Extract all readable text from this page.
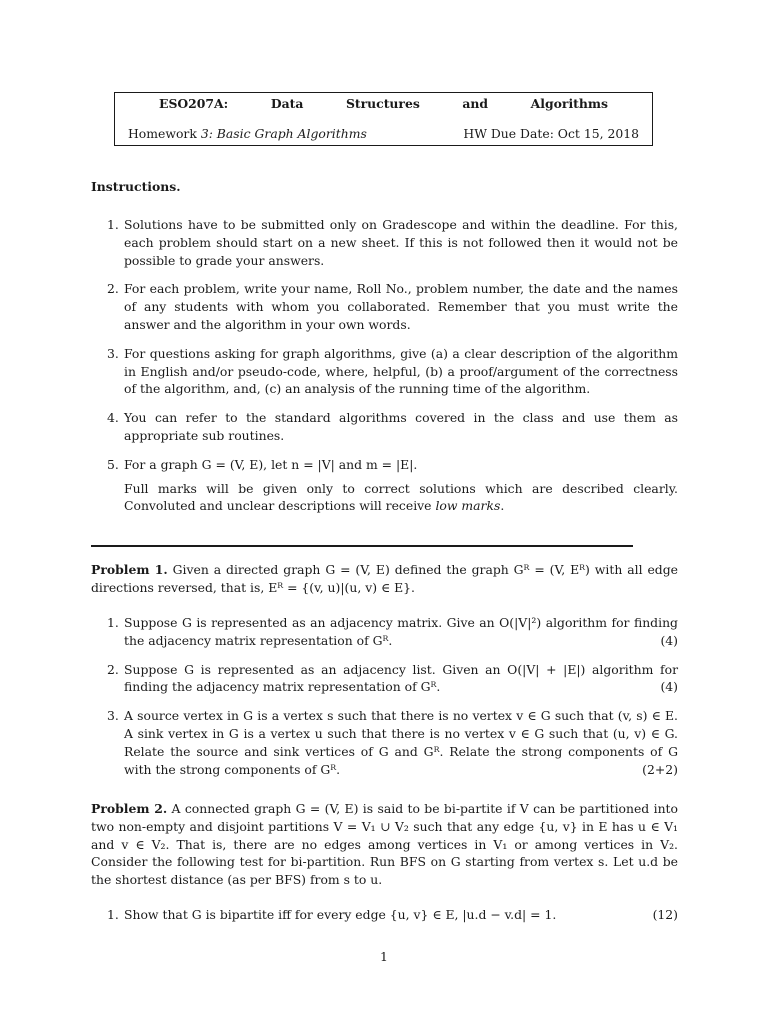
ESO207A:	Data	Structures	and	Algorithms
Homework 3: Basic Graph Algorithms	HW Due Date: Oct 15, 2018
Instructions.
1. Solutions have to be submitted only on Gradescope and within the deadline. For this, each problem should start on a new sheet. If this is not followed then it would not be possible to grade your answers.
2. For each problem, write your name, Roll No., problem number, the date and the names of any students with whom you collaborated. Remember that you must write the answer and the algorithm in your own words.
3. For questions asking for graph algorithms, give (a) a clear description of the algorithm in English and/or pseudo-code, where, helpful, (b) a proof/argument of the correctness of the algorithm, and, (c) an analysis of the running time of the algorithm.
4. You can refer to the standard algorithms covered in the class and use them as appropriate sub routines.
5. For a graph G = (V, E), let n = |V| and m = |E|.
Full marks will be given only to correct solutions which are described clearly. Convoluted and unclear descriptions will receive low marks.
Problem 1. Given a directed graph G = (V, E) defined the graph Gᴿ = (V, Eᴿ) with all edge directions reversed, that is, Eᴿ = {(v, u)|(u, v) ∈ E}.
1. Suppose G is represented as an adjacency matrix. Give an O(|V|²) algorithm for finding the adjacency matrix representation of Gᴿ.	(4)
2. Suppose G is represented as an adjacency list. Given an O(|V| + |E|) algorithm for finding the adjacency matrix representation of Gᴿ.	(4)
3. A source vertex in G is a vertex s such that there is no vertex v ∈ G such that (v, s) ∈ E. A sink vertex in G is a vertex u such that there is no vertex v ∈ G such that (u, v) ∈ G. Relate the source and sink vertices of G and Gᴿ. Relate the strong components of G with the strong components of Gᴿ.	(2+2)
Problem 2. A connected graph G = (V, E) is said to be bi-partite if V can be partitioned into two non-empty and disjoint partitions V = V₁ ∪ V₂ such that any edge {u, v} in E has u ∈ V₁ and v ∈ V₂. That is, there are no edges among vertices in V₁ or among vertices in V₂. Consider the following test for bi-partition. Run BFS on G starting from vertex s. Let u.d be the shortest distance (as per BFS) from s to u.
1. Show that G is bipartite iff for every edge {u, v} ∈ E, |u.d − v.d| = 1.	(12)
1
